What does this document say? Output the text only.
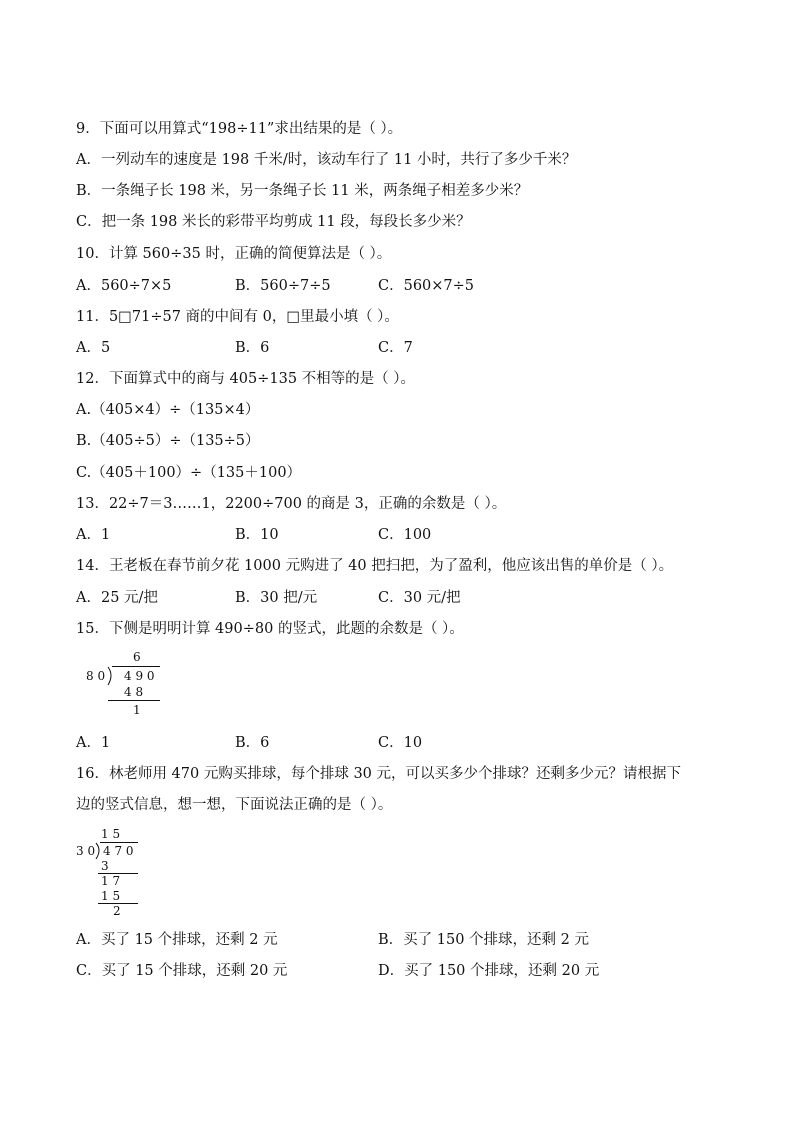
9．下面可以用算式“198÷11”求出结果的是（ ）。
A．一列动车的速度是 198 千米/时，该动车行了 11 小时，共行了多少千米？
B．一条绳子长 198 米，另一条绳子长 11 米，两条绳子相差多少米？
C．把一条 198 米长的彩带平均剪成 11 段，每段长多少米？
10．计算 560÷35 时，正确的简便算法是（ ）。
A．560÷7×5	B．560÷7÷5	C．560×7÷5
11．5□71÷57 商的中间有 0，□里最小填（ ）。
A．5	B．6	C．7
12．下面算式中的商与 405÷135 不相等的是（ ）。
A.（405×4）÷（135×4）
B.（405÷5）÷（135÷5）
C.（405＋100）÷（135＋100）
13．22÷7＝3……1，2200÷700 的商是 3，正确的余数是（ ）。
A．1	B．10	C．100
14．王老板在春节前夕花 1000 元购进了 40 把扫把，为了盈利，他应该出售的单价是（ ）。
A．25 元/把	B．30 把/元	C．30 元/把
15．下侧是明明计算 490÷80 的竖式，此题的余数是（ ）。
6
8 0 4 9 0
4 8
1
A．1	B．6	C．10
16．林老师用 470 元购买排球，每个排球 30 元，可以买多少个排球？还剩多少元？请根据下
边的竖式信息，想一想，下面说法正确的是（ ）。
1 5
3 0 4 7 0
3
1 7
1 5
2
A．买了 15 个排球，还剩 2 元	B．买了 150 个排球，还剩 2 元
C．买了 15 个排球，还剩 20 元	D．买了 150 个排球，还剩 20 元
